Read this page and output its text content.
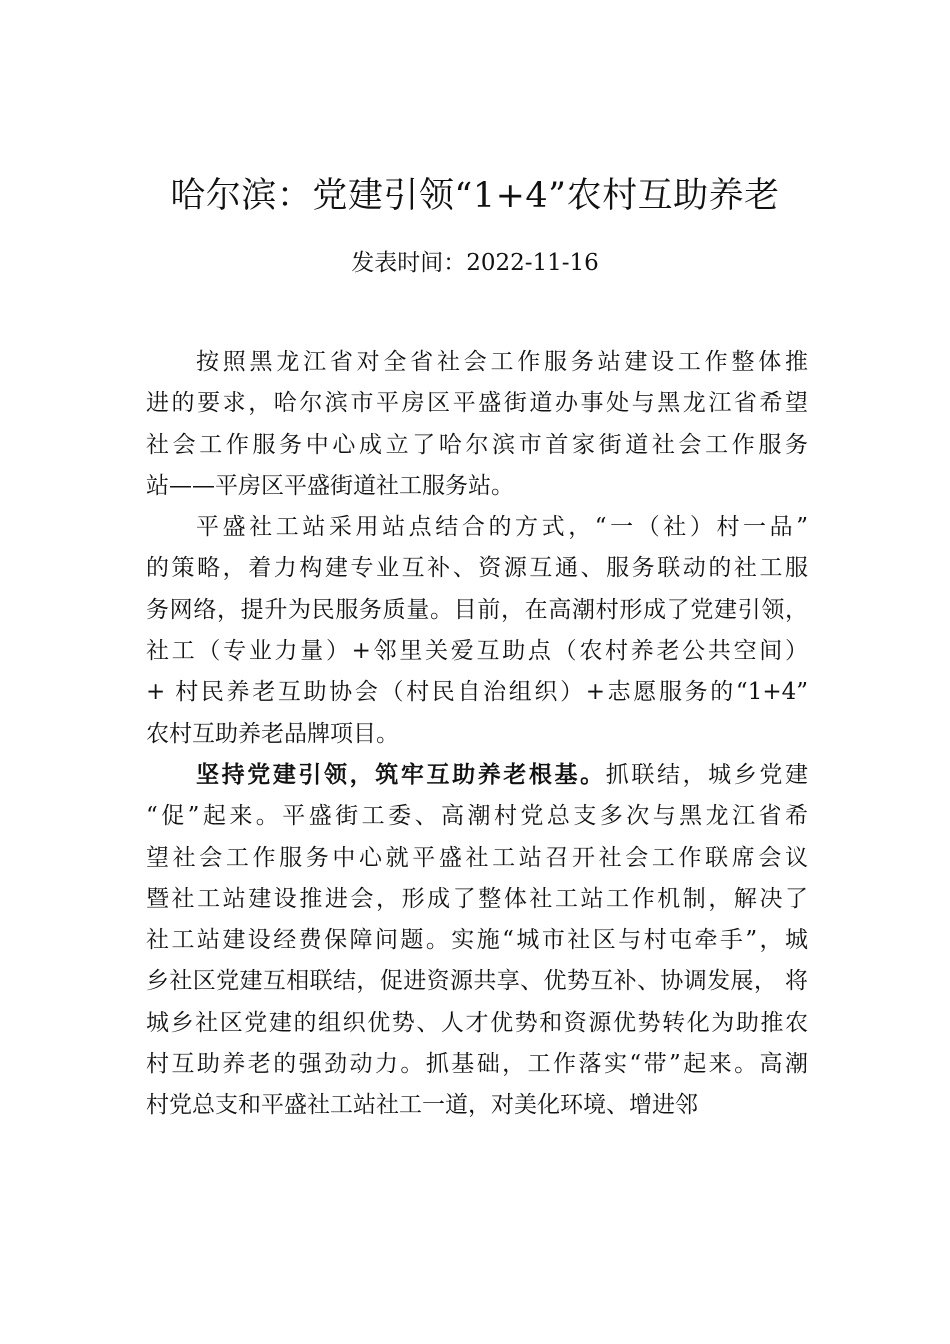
哈尔滨：党建引领“1+4”农村互助养老
发表时间：2022-11-16
按照黑龙江省对全省社会工作服务站建设工作整体推
进的要求，哈尔滨市平房区平盛街道办事处与黑龙江省希望
社会工作服务中心成立了哈尔滨市首家街道社会工作服务
站——平房区平盛街道社工服务站。
平盛社工站采用站点结合的方式，“一（社）村一品”
的策略，着力构建专业互补、资源互通、服务联动的社工服
务网络，提升为民服务质量。目前，在高潮村形成了党建引领，
社工（专业力量）+邻里关爱互助点（农村养老公共空间）
+ 村民养老互助协会（村民自治组织）+志愿服务的“1+4”
农村互助养老品牌项目。
坚持党建引领，筑牢互助养老根基。抓联结，城乡党建
“促”起来。平盛街工委、高潮村党总支多次与黑龙江省希
望社会工作服务中心就平盛社工站召开社会工作联席会议
暨社工站建设推进会，形成了整体社工站工作机制，解决了
社工站建设经费保障问题。实施“城市社区与村屯牵手”，城
乡社区党建互相联结，促进资源共享、优势互补、协调发展， 将
城乡社区党建的组织优势、人才优势和资源优势转化为助推农
村互助养老的强劲动力。抓基础，工作落实“带”起来。高潮
村党总支和平盛社工站社工一道，对美化环境、增进邻
